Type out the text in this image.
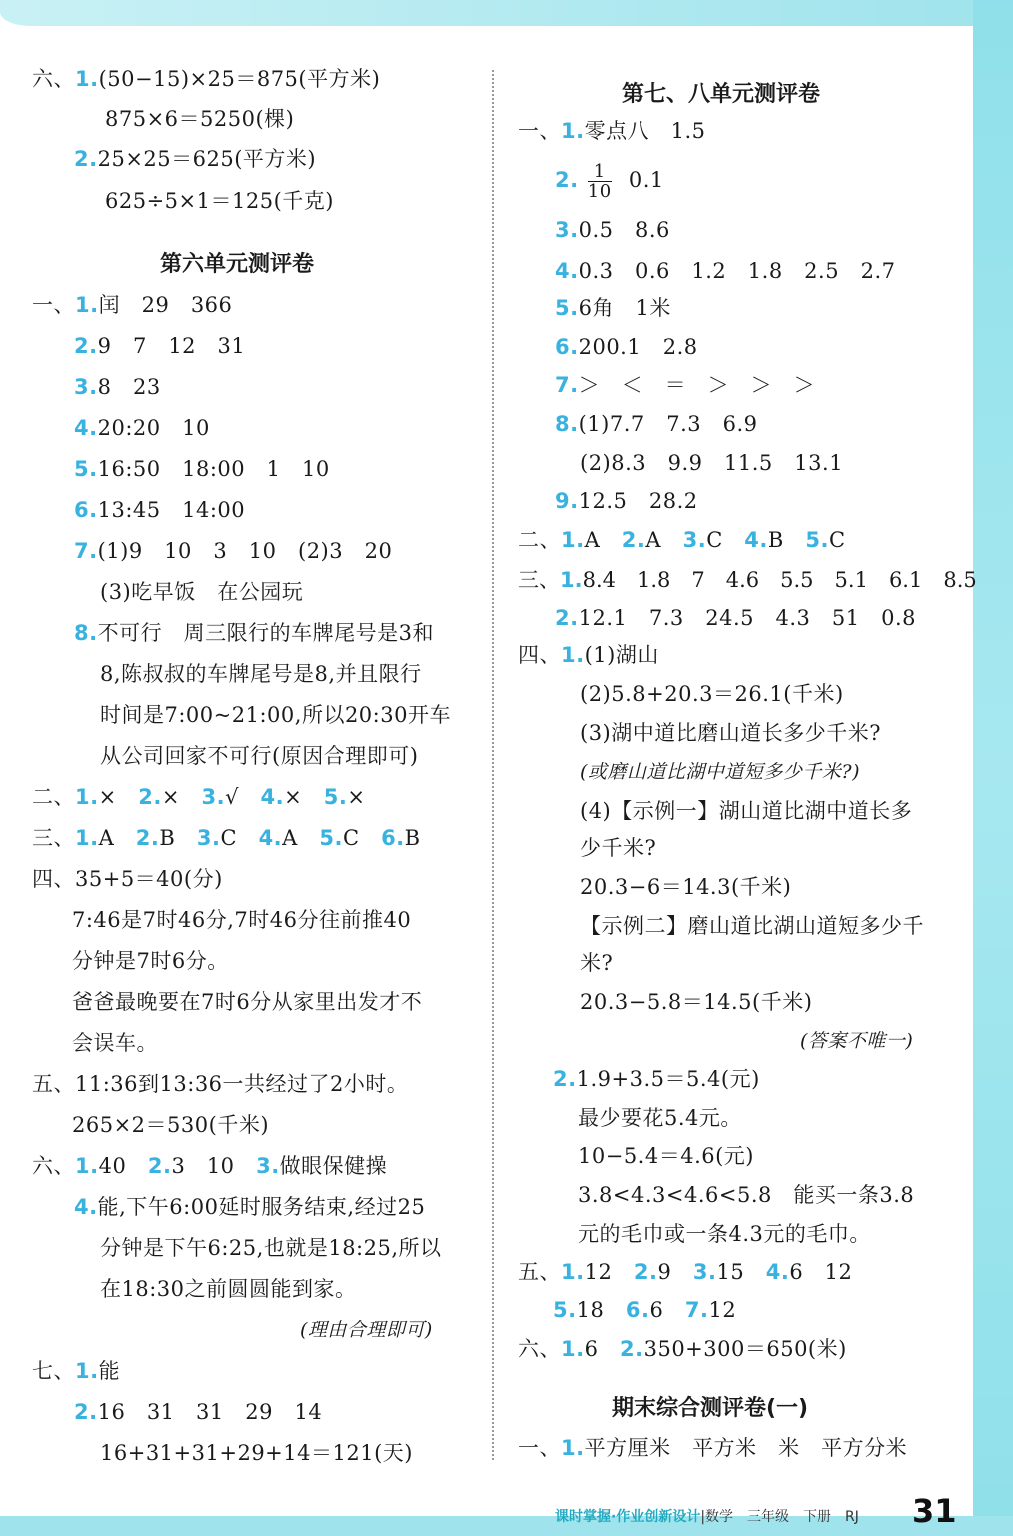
六、1.(50−15)×25＝875(平方米)
875×6＝5250(棵)
2.25×25＝625(平方米)
625÷5×1＝125(千克)
第六单元测评卷
一、1.闰　29　366
2.9　7　12　31
3.8　23
4.20:20　10
5.16:50　18:00　1　10
6.13:45　14:00
7.(1)9　10　3　10　(2)3　20
(3)吃早饭　在公园玩
8.不可行　周三限行的车牌尾号是3和
8,陈叔叔的车牌尾号是8,并且限行
时间是7:00~21:00,所以20:30开车
从公司回家不可行(原因合理即可)
二、1.× 2.× 3.√ 4.× 5.×
三、1.A 2.B 3.C 4.A 5.C 6.B
四、35+5＝40(分)
7:46是7时46分,7时46分往前推40
分钟是7时6分。
爸爸最晚要在7时6分从家里出发才不
会误车。
五、11:36到13:36一共经过了2小时。
265×2＝530(千米)
六、1.40 2.3　10 3.做眼保健操
4.能,下午6:00延时服务结束,经过25
分钟是下午6:25,也就是18:25,所以
在18:30之前圆圆能到家。
(理由合理即可)
七、1.能
2.16　31　31　29　14
16+31+31+29+14＝121(天)
第七、八单元测评卷
一、1.零点八　1.5
2. $\frac{1}{10} 0.1$
3.0.5　8.6
4.0.3　0.6　1.2　1.8　2.5　2.7
5.6角　1米
6.200.1　2.8
7.＞　＜　＝　＞　＞　＞
8.(1)7.7　7.3　6.9
(2)8.3　9.9　11.5　13.1
9.12.5　28.2
二、1.A 2.A 3.C 4.B 5.C
三、1.8.4　1.8　7　4.6　5.5　5.1　6.1　8.5
2.12.1　7.3　24.5　4.3　51　0.8
四、1.(1)湖山
(2)5.8+20.3＝26.1(千米)
(3)湖中道比磨山道长多少千米?
(或磨山道比湖中道短多少千米?)
(4)【示例一】湖山道比湖中道长多
少千米?
20.3−6＝14.3(千米)
【示例二】磨山道比湖山道短多少千
米?
20.3−5.8＝14.5(千米)
(答案不唯一)
2.1.9+3.5＝5.4(元)
最少要花5.4元。
10−5.4＝4.6(元)
3.8<4.3<4.6<5.8　能买一条3.8
元的毛巾或一条4.3元的毛巾。
五、1.12 2.9 3.15 4.6　12
5.18 6.6 7.12
六、1.6 2.350+300＝650(米)
期末综合测评卷(一)
一、1.平方厘米　平方米　米　平方分米
课时掌握·作业创新设计|数学　三年级　下册　RJ 31
